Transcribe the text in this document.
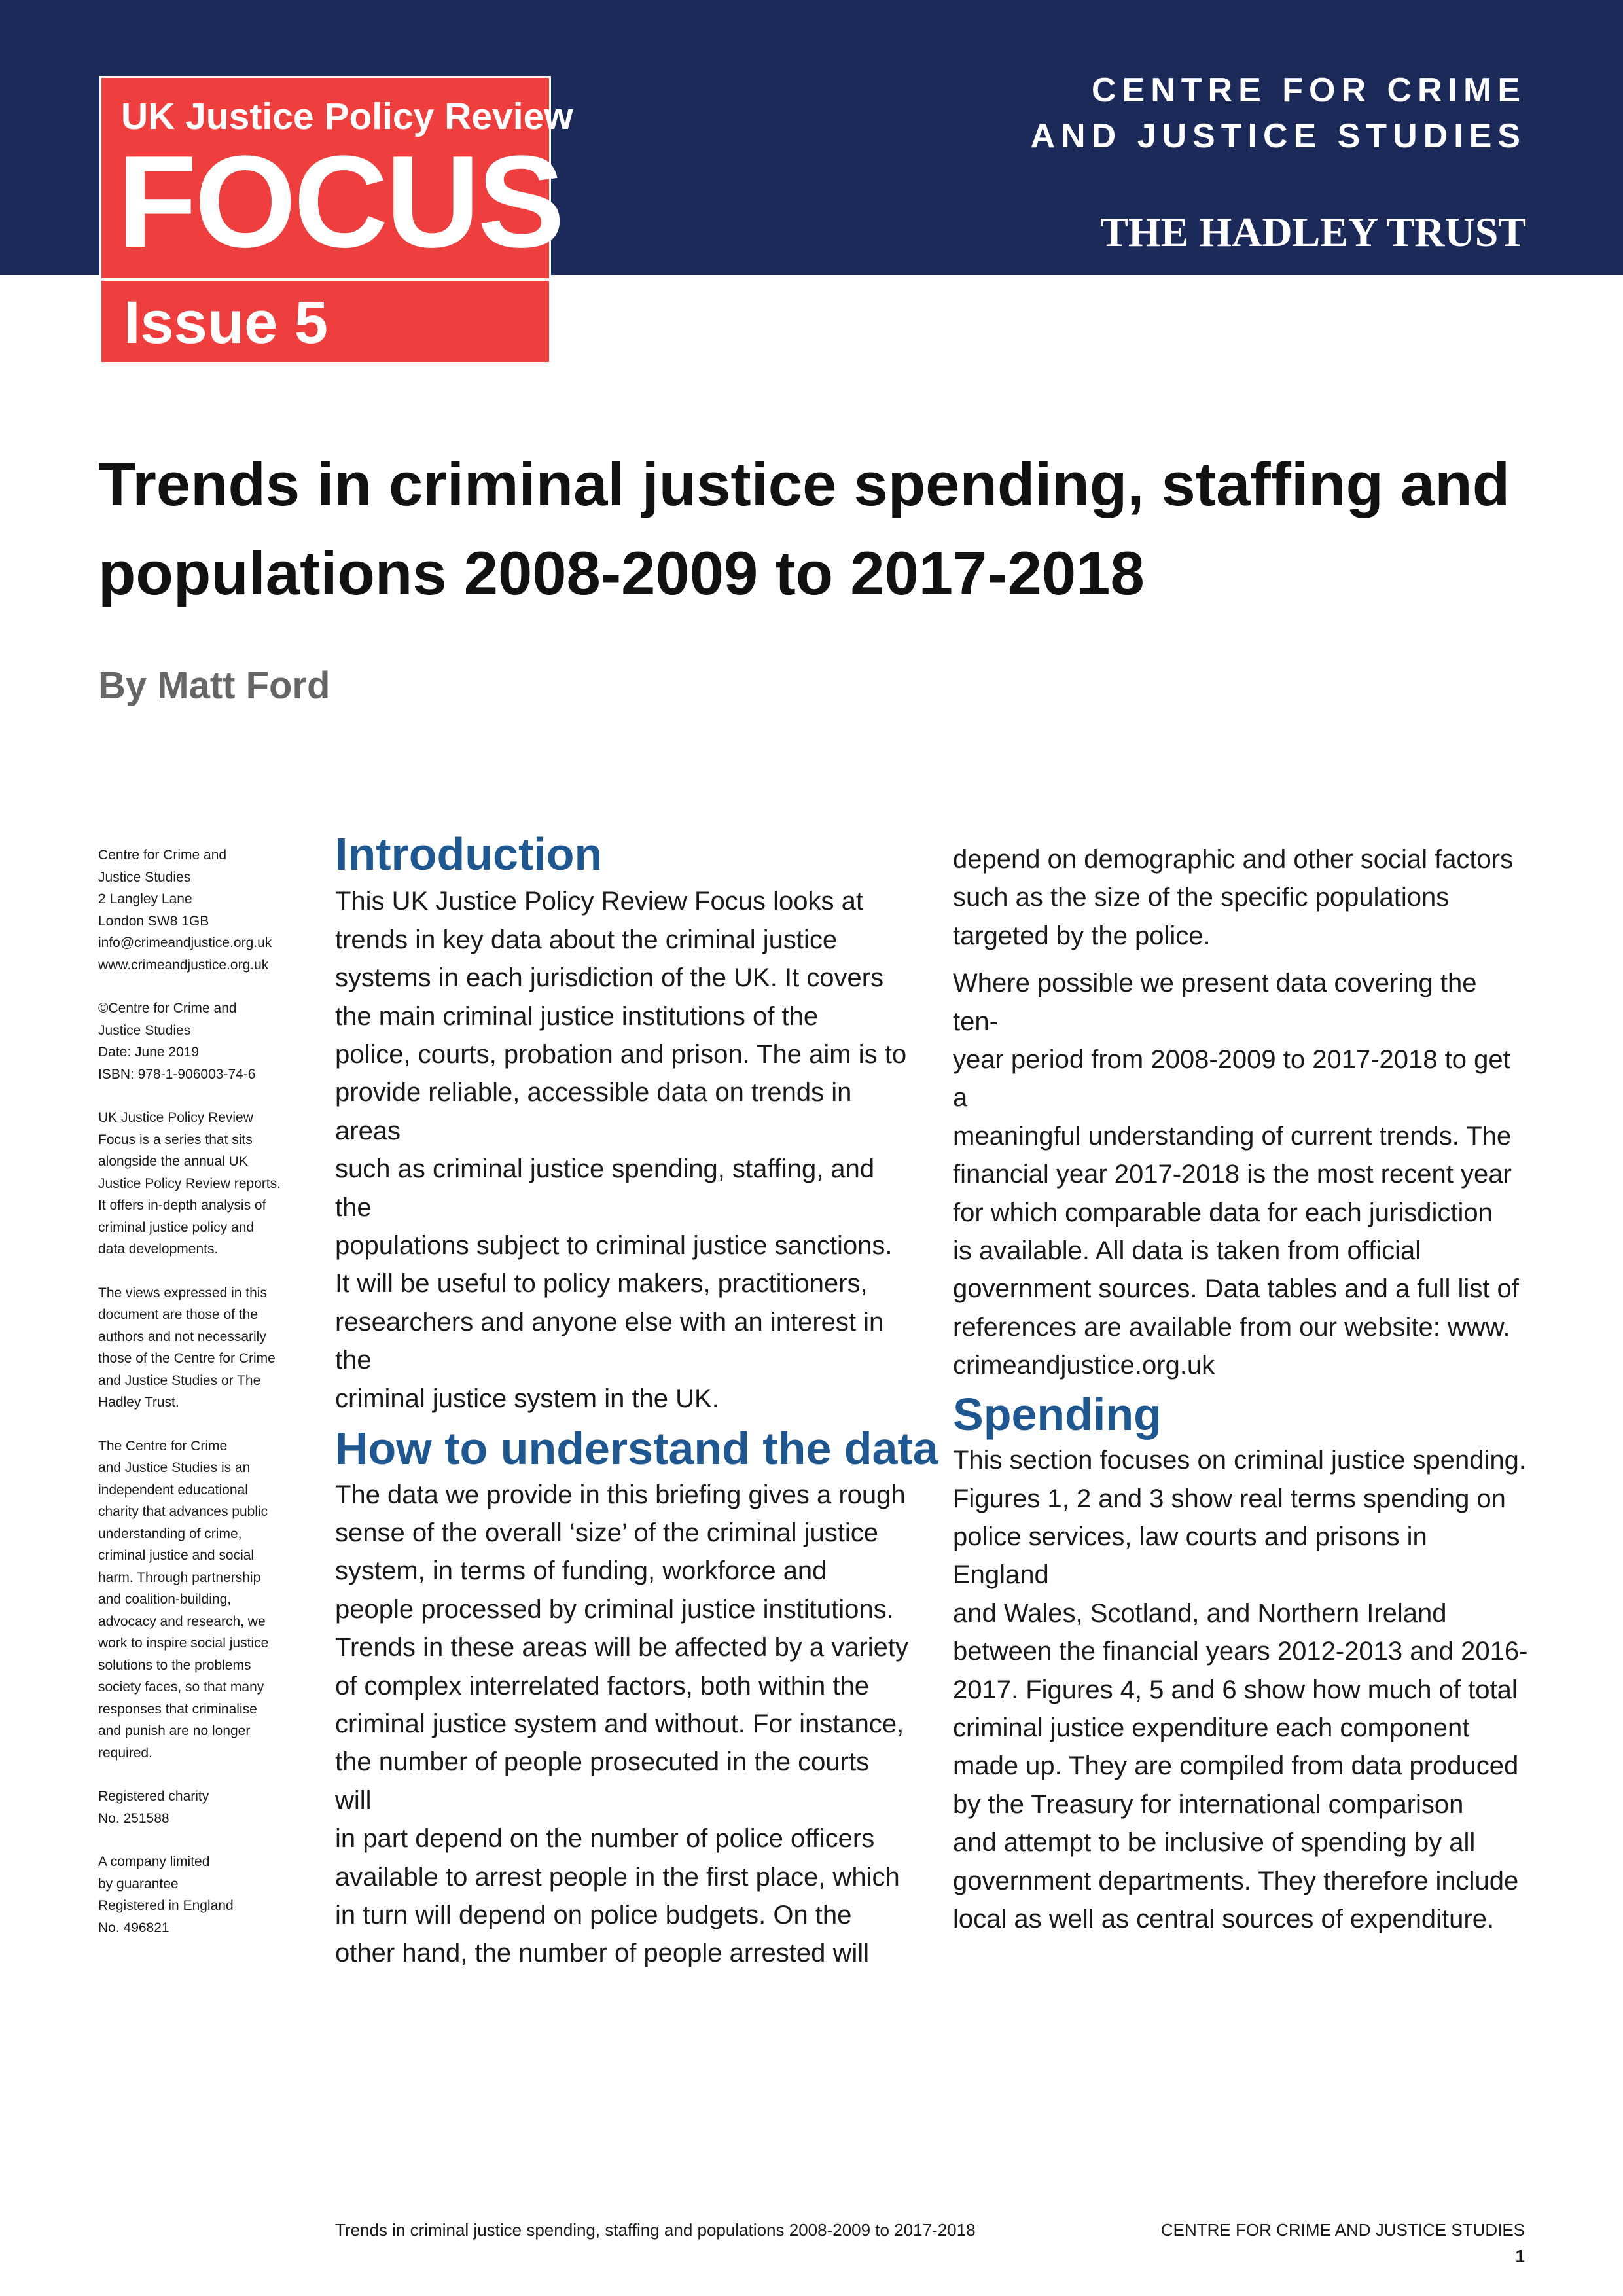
UK Justice Policy Review
FOCUS
Issue 5
CENTRE FOR CRIME
AND JUSTICE STUDIES
THE HADLEY TRUST
Trends in criminal justice spending, staffing and
populations 2008-2009 to 2017-2018
By Matt Ford

Centre for Crime and
Justice Studies
2 Langley Lane
London SW8 1GB
info@crimeandjustice.org.uk
www.crimeandjustice.org.uk

©Centre for Crime and
Justice Studies
Date: June 2019
ISBN: 978-1-906003-74-6

UK Justice Policy Review
Focus is a series that sits
alongside the annual UK
Justice Policy Review reports.
It offers in-depth analysis of
criminal justice policy and
data developments.

The views expressed in this
document are those of the
authors and not necessarily
those of the Centre for Crime
and Justice Studies or The
Hadley Trust.

The Centre for Crime
and Justice Studies is an
independent educational
charity that advances public
understanding of crime,
criminal justice and social
harm. Through partnership
and coalition-building,
advocacy and research, we
work to inspire social justice
solutions to the problems
society faces, so that many
responses that criminalise
and punish are no longer
required.

Registered charity
No. 251588

A company limited
by guarantee
Registered in England
No. 496821

Introduction

This UK Justice Policy Review Focus looks at
trends in key data about the criminal justice
systems in each jurisdiction of the UK. It covers
the main criminal justice institutions of the
police, courts, probation and prison. The aim is to
provide reliable, accessible data on trends in areas
such as criminal justice spending, staffing, and the
populations subject to criminal justice sanctions.
It will be useful to policy makers, practitioners,
researchers and anyone else with an interest in the
criminal justice system in the UK.

How to understand the data

The data we provide in this briefing gives a rough
sense of the overall ‘size’ of the criminal justice
system, in terms of funding, workforce and
people processed by criminal justice institutions.
Trends in these areas will be affected by a variety
of complex interrelated factors, both within the
criminal justice system and without. For instance,
the number of people prosecuted in the courts will
in part depend on the number of police officers
available to arrest people in the first place, which
in turn will depend on police budgets. On the
other hand, the number of people arrested will

depend on demographic and other social factors
such as the size of the specific populations
targeted by the police.

Where possible we present data covering the ten-
year period from 2008-2009 to 2017-2018 to get a
meaningful understanding of current trends. The
financial year 2017-2018 is the most recent year
for which comparable data for each jurisdiction
is available. All data is taken from official
government sources. Data tables and a full list of
references are available from our website: www.
crimeandjustice.org.uk

Spending

This section focuses on criminal justice spending.
Figures 1, 2 and 3 show real terms spending on
police services, law courts and prisons in England
and Wales, Scotland, and Northern Ireland
between the financial years 2012-2013 and 2016-
2017. Figures 4, 5 and 6 show how much of total
criminal justice expenditure each component
made up. They are compiled from data produced
by the Treasury for international comparison
and attempt to be inclusive of spending by all
government departments. They therefore include
local as well as central sources of expenditure.

Trends in criminal justice spending, staffing and populations 2008-2009 to 2017-2018	CENTRE FOR CRIME AND JUSTICE STUDIES
1
